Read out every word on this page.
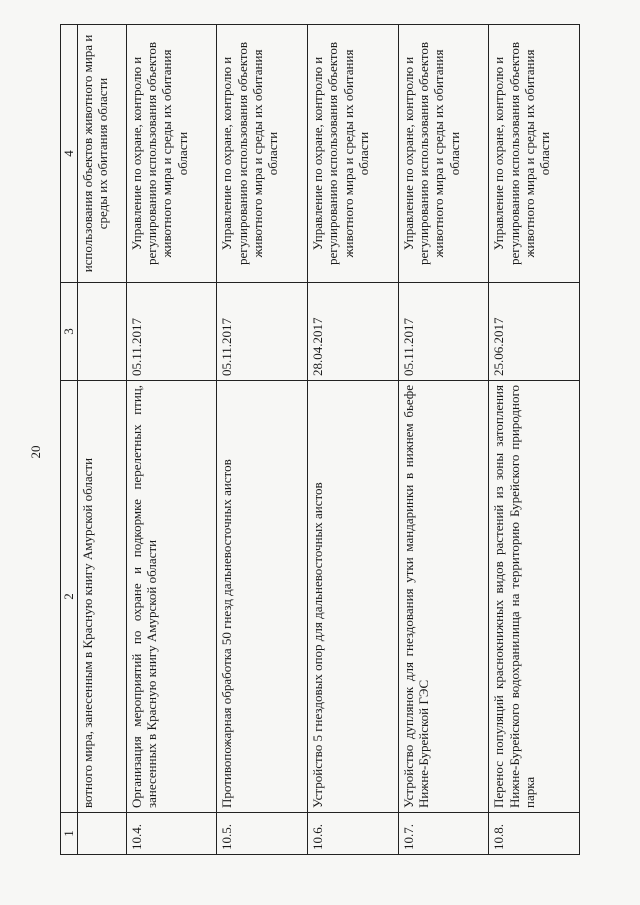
20
1	2	3	4
	вотного мира, занесенным в Красную книгу Амурской области		использования объектов животного мира и среды их обитания области
10.4.	Организация мероприятий по охране и подкормке перелетных птиц, занесенных в Красную книгу Амурской области	05.11.2017	Управление по охране, контролю и регулированию использования объектов животного мира и среды их обитания области
10.5.	Противопожарная обработка 50 гнезд дальневосточных аистов	05.11.2017	Управление по охране, контролю и регулированию использования объектов животного мира и среды их обитания области
10.6.	Устройство 5 гнездовых опор для дальневосточных аистов	28.04.2017	Управление по охране, контролю и регулированию использования объектов животного мира и среды их обитания области
10.7.	Устройство дуплянок для гнездования утки мандаринки в нижнем бьефе Нижне-Бурейской ГЭС	05.11.2017	Управление по охране, контролю и регулированию использования объектов животного мира и среды их обитания области
10.8.	Перенос популяций краснокнижных видов растений из зоны затопления Нижне-Бурейского водохранилища на территорию Бурейского природного парка	25.06.2017	Управление по охране, контролю и регулированию использования объектов животного мира и среды их обитания области
